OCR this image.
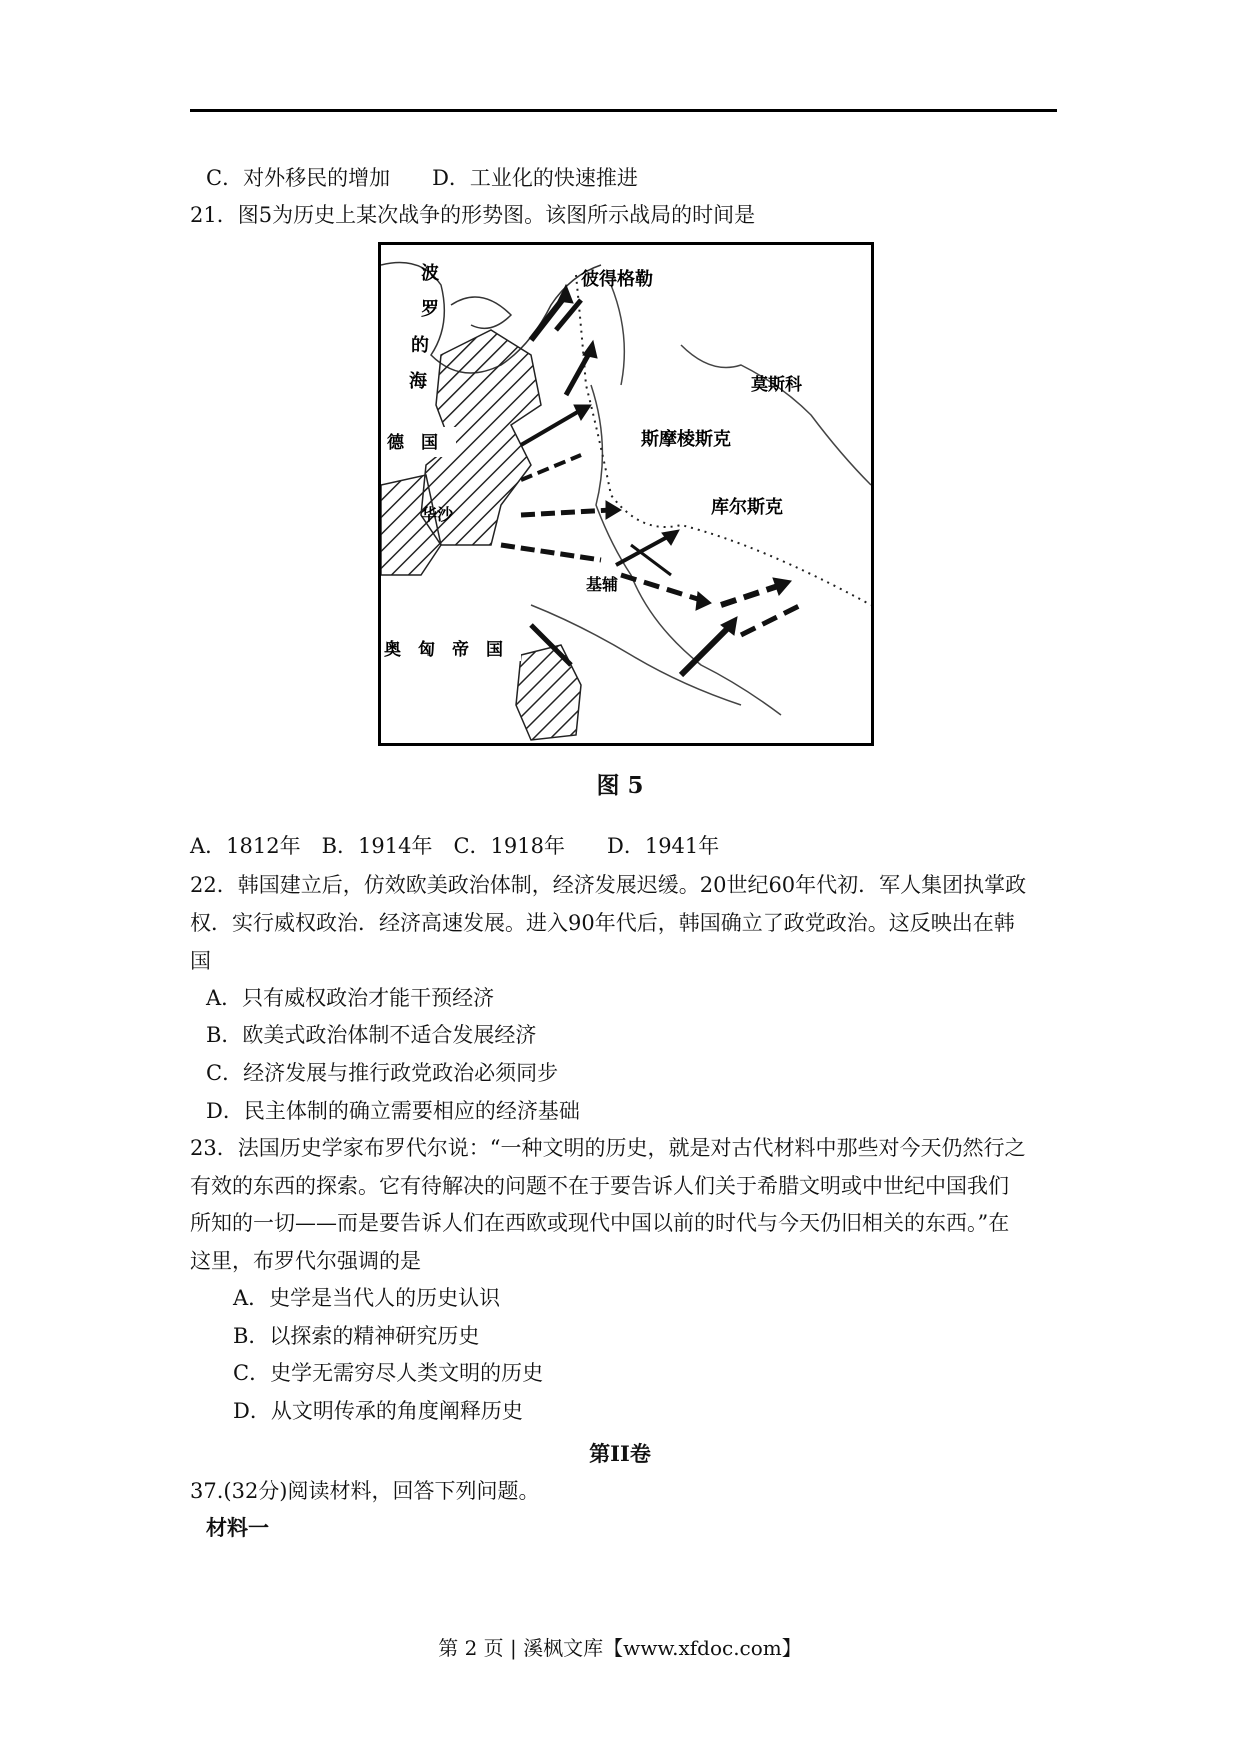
C．对外移民的增加　　D．工业化的快速推进
21．图5为历史上某次战争的形势图。该图所示战局的时间是
波
罗
的
海
彼得格勒
莫斯科
斯摩棱斯克
德　国
华沙	库尔斯克
基辅
奥　匈　帝　国
图 5
A．1812年　B．1914年　C．1918年　　D．1941年
22．韩国建立后，仿效欧美政治体制，经济发展迟缓。20世纪60年代初．军人集团执掌政
权．实行威权政治．经济高速发展。进入90年代后，韩国确立了政党政治。这反映出在韩
国
A．只有威权政治才能干预经济
B．欧美式政治体制不适合发展经济
C．经济发展与推行政党政治必须同步
D．民主体制的确立需要相应的经济基础
23．法国历史学家布罗代尔说：“一种文明的历史，就是对古代材料中那些对今天仍然行之
有效的东西的探索。它有待解决的问题不在于要告诉人们关于希腊文明或中世纪中国我们
所知的一切——而是要告诉人们在西欧或现代中国以前的时代与今天仍旧相关的东西。”在
这里，布罗代尔强调的是
A．史学是当代人的历史认识
B．以探索的精神研究历史
C．史学无需穷尽人类文明的历史
D．从文明传承的角度阐释历史
第II卷
37.(32分)阅读材料，回答下列问题。
材料一
第 2 页 | 溪枫文库【www.xfdoc.com】
